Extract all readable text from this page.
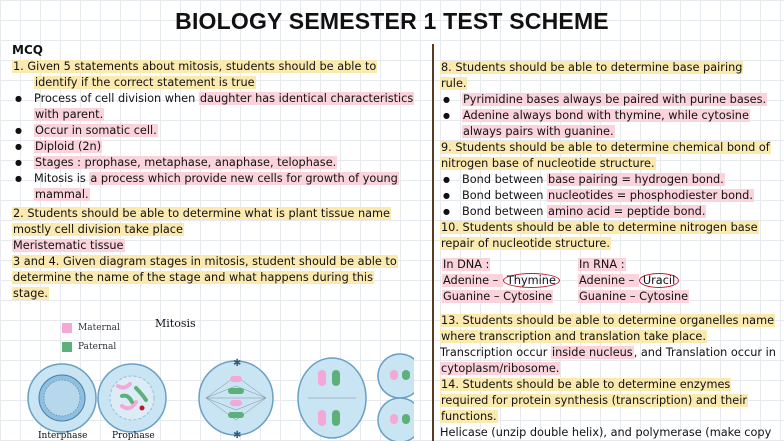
BIOLOGY SEMESTER 1 TEST SCHEME
MCQ
1. Given 5 statements about mitosis, students should be able to
identify if the correct statement is true
● Process of cell division when daughter has identical characteristics
with parent.
● Occur in somatic cell.
● Diploid (2n)
● Stages : prophase, metaphase, anaphase, telophase.
● Mitosis is a process which provide new cells for growth of young
mammal.
2. Students should be able to determine what is plant tissue name
mostly cell division take place
Meristematic tissue
3 and 4. Given diagram stages in mitosis, student should be able to
determine the name of the stage and what happens during this
stage.
Maternal
Paternal
Mitosis
✱
✱
Interphase	Prophase
8. Students should be able to determine base pairing
rule.
● Pyrimidine bases always be paired with purine bases.
● Adenine always bond with thymine, while cytosine
always pairs with guanine.
9. Students should be able to determine chemical bond of
nitrogen base of nucleotide structure.
● Bond between base pairing = hydrogen bond.
● Bond between nucleotides = phosphodiester bond.
● Bond between amino acid = peptide bond.
10. Students should be able to determine nitrogen base
repair of nucleotide structure.
In DNA :
Adenine – Thymine
Guanine – Cytosine
In RNA :
Adenine – Uracil
Guanine – Cytosine
13. Students should be able to determine organelles name
where transcription and translation take place.
Transcription occur inside nucleus, and Translation occur in
cytoplasm/ribosome.
14. Students should be able to determine enzymes
required for protein synthesis (transcription) and their
functions.
Helicase (unzip double helix), and polymerase (make copy
